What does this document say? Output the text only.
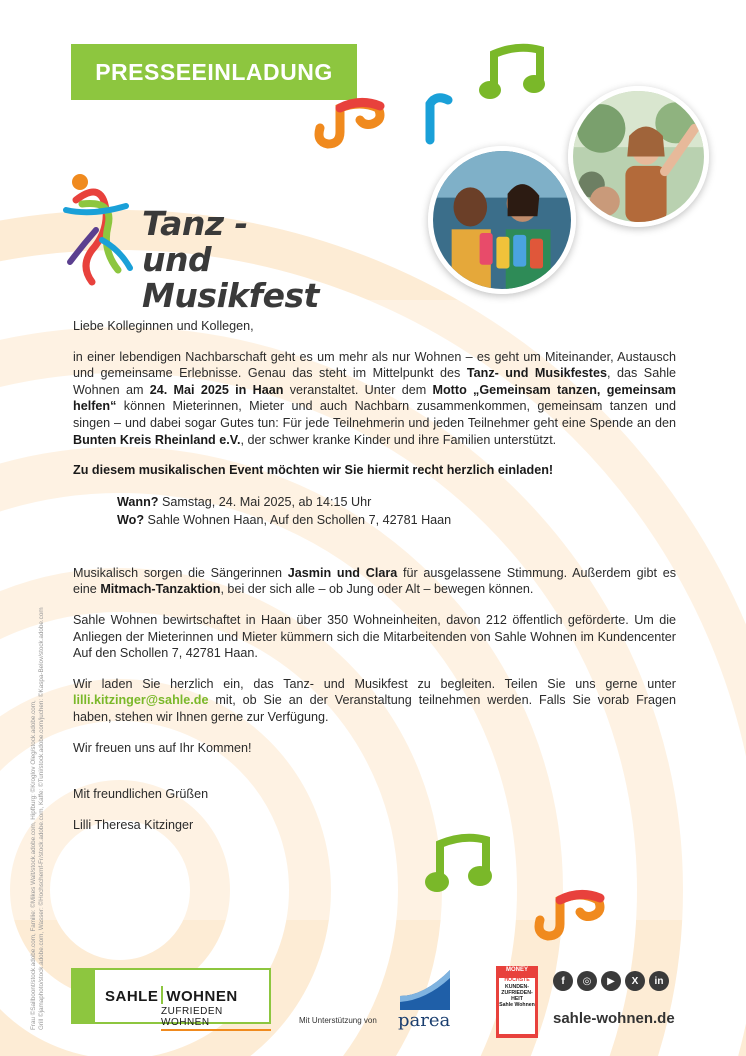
PRESSEEINLADUNG
Tanz - und
Musikfest

Liebe Kolleginnen und Kollegen,

in einer lebendigen Nachbarschaft geht es um mehr als nur Wohnen – es geht um Miteinander, Austausch und gemeinsame Erlebnisse. Genau das steht im Mittelpunkt des Tanz- und Musikfestes, das Sahle Wohnen am 24. Mai 2025 in Haan veranstaltet. Unter dem Motto „Gemeinsam tanzen, gemeinsam helfen“ können Mieterinnen, Mieter und auch Nachbarn zusammenkommen, gemeinsam tanzen und singen – und dabei sogar Gutes tun: Für jede Teilnehmerin und jeden Teilnehmer geht eine Spende an den Bunten Kreis Rheinland e.V., der schwer kranke Kinder und ihre Familien unterstützt.

Zu diesem musikalischen Event möchten wir Sie hiermit recht herzlich einladen!

Wann? Samstag, 24. Mai 2025, ab 14:15 Uhr
Wo? Sahle Wohnen Haan, Auf den Schollen 7, 42781 Haan

Musikalisch sorgen die Sängerinnen Jasmin und Clara für ausgelassene Stimmung. Außerdem gibt es eine Mitmach-Tanzaktion, bei der sich alle – ob Jung oder Alt – bewegen können.

Sahle Wohnen bewirtschaftet in Haan über 350 Wohneinheiten, davon 212 öffentlich geförderte. Um die Anliegen der Mieterinnen und Mieter kümmern sich die Mitarbeitenden von Sahle Wohnen im Kundencenter Auf den Schollen 7, 42781 Haan.

Wir laden Sie herzlich ein, das Tanz- und Musikfest zu begleiten. Teilen Sie uns gerne unter lilli.kitzinger@sahle.de mit, ob Sie an der Veranstaltung teilnehmen werden. Falls Sie vorab Fragen haben, stehen wir Ihnen gerne zur Verfügung.

Wir freuen uns auf Ihr Kommen!

Mit freundlichen Grüßen

Lilli Theresa Kitzinger

Frau ©Sailboont/stock.adobe.com, Familie: ©Mikes Walt/stock.adobe.com, Hipfburg: ©Kroglov Oleg/stock.adobe.com, Grill ©jamaphoto/stock.adobe.com, Wasser: ©Hochschemf-Fr/stock.adobe.com, Kaffe: ©Tuni/stock.adobe.com/juchen: ©Kaspa-Belov/stock.adobe.com	SAHLE WOHNEN
ZUFRIEDEN WOHNEN	Mit Unterstützung von parea
MONEY
HÖCHSTE
KUNDEN-
ZUFRIEDEN-
HEIT
Sahle Wohnen
f	◎	▶	X	in
sahle-wohnen.de
